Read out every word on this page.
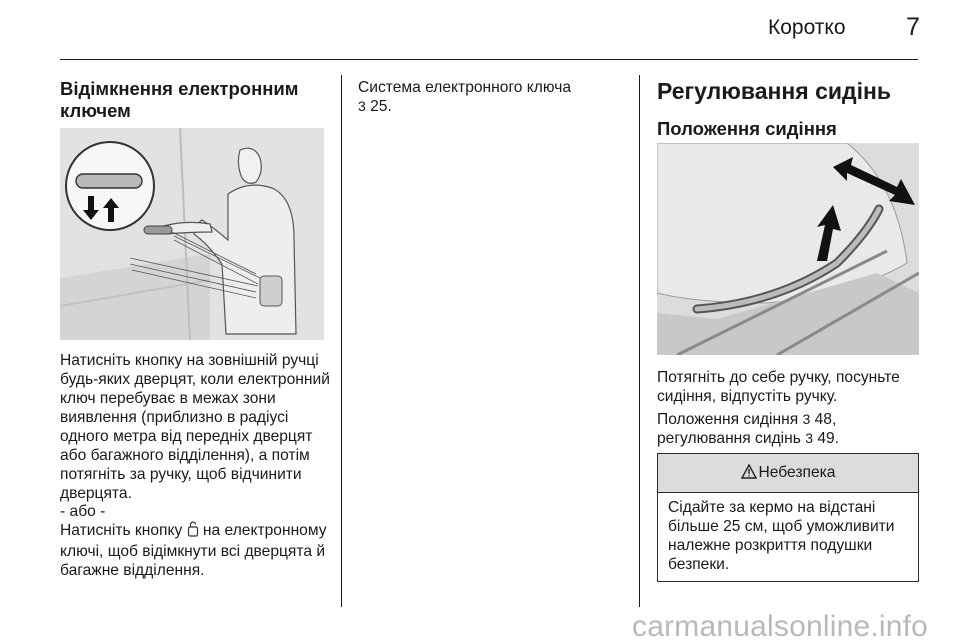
Коротко 7
Відімкнення електронним ключем
Натисніть кнопку на зовнішній ручці будь-яких дверцят, коли електронний ключ перебуває в межах зони виявлення (приблизно в радіусі одного метра від передніх дверцят або багажного відділення), а потім потягніть за ручку, щоб відчинити дверцята.
- або -
Натисніть кнопку  на електронному ключі, щоб відімкнути всі дверцята й багажне відділення.
Система електронного ключа
3 25.
Регулювання сидінь
Положення сидіння
Потягніть до себе ручку, посуньте сидіння, відпустіть ручку.
Положення сидіння 3 48,
регулювання сидінь 3 49.
Небезпека
Сідайте за кермо на відстані більше 25 см, щоб уможливити належне розкриття подушки безпеки.
carmanualsonline.info
